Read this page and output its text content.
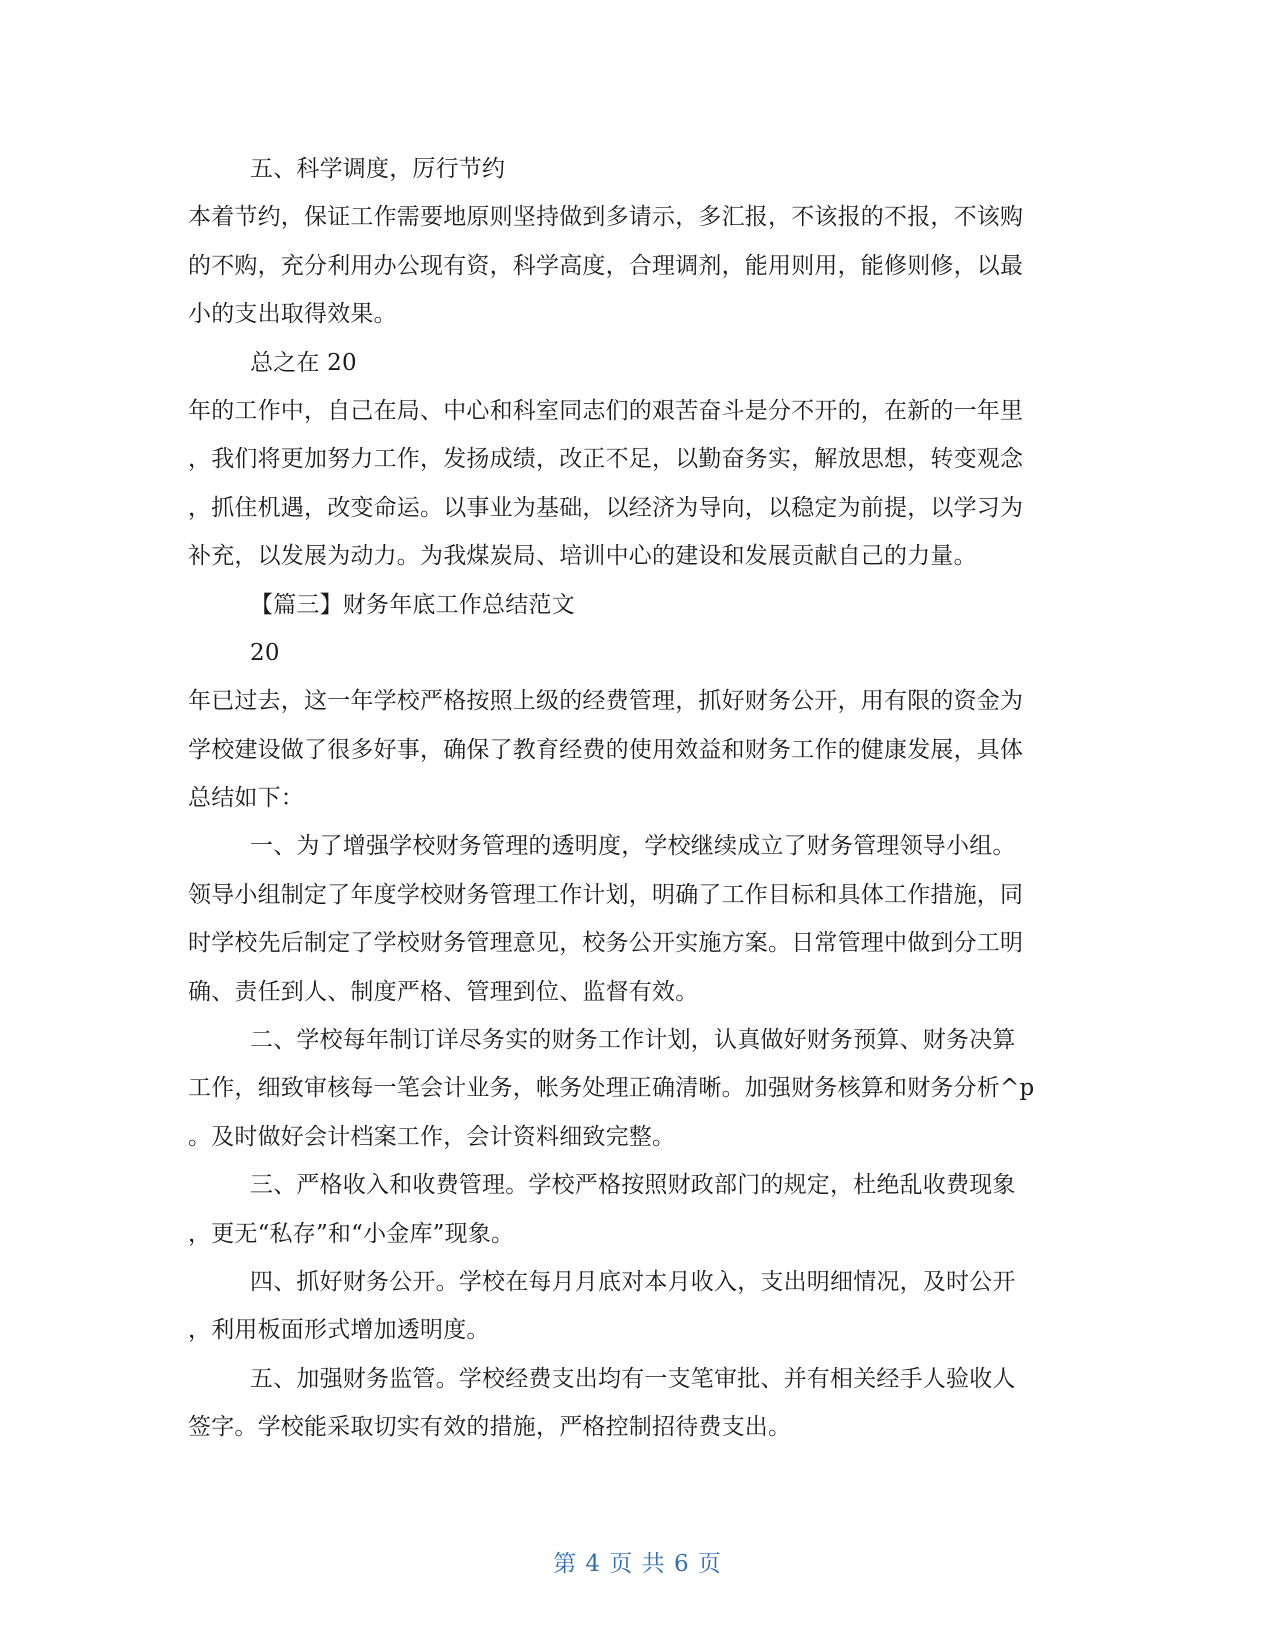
五、科学调度，厉行节约
本着节约，保证工作需要地原则坚持做到多请示，多汇报，不该报的不报，不该购
的不购，充分利用办公现有资，科学高度，合理调剂，能用则用，能修则修，以最
小的支出取得效果。
总之在 20
年的工作中，自己在局、中心和科室同志们的艰苦奋斗是分不开的，在新的一年里
，我们将更加努力工作，发扬成绩，改正不足，以勤奋务实，解放思想，转变观念
，抓住机遇，改变命运。以事业为基础，以经济为导向，以稳定为前提，以学习为
补充，以发展为动力。为我煤炭局、培训中心的建设和发展贡献自己的力量。
【篇三】财务年底工作总结范文
20
年已过去，这一年学校严格按照上级的经费管理，抓好财务公开，用有限的资金为
学校建设做了很多好事，确保了教育经费的使用效益和财务工作的健康发展，具体
总结如下：
一、为了增强学校财务管理的透明度，学校继续成立了财务管理领导小组。
领导小组制定了年度学校财务管理工作计划，明确了工作目标和具体工作措施，同
时学校先后制定了学校财务管理意见，校务公开实施方案。日常管理中做到分工明
确、责任到人、制度严格、管理到位、监督有效。
二、学校每年制订详尽务实的财务工作计划，认真做好财务预算、财务决算
工作，细致审核每一笔会计业务，帐务处理正确清晰。加强财务核算和财务分析^p
。及时做好会计档案工作，会计资料细致完整。
三、严格收入和收费管理。学校严格按照财政部门的规定，杜绝乱收费现象
，更无“私存”和“小金库”现象。
四、抓好财务公开。学校在每月月底对本月收入，支出明细情况，及时公开
，利用板面形式增加透明度。
五、加强财务监管。学校经费支出均有一支笔审批、并有相关经手人验收人
签字。学校能采取切实有效的措施，严格控制招待费支出。
第 4 页 共 6 页
